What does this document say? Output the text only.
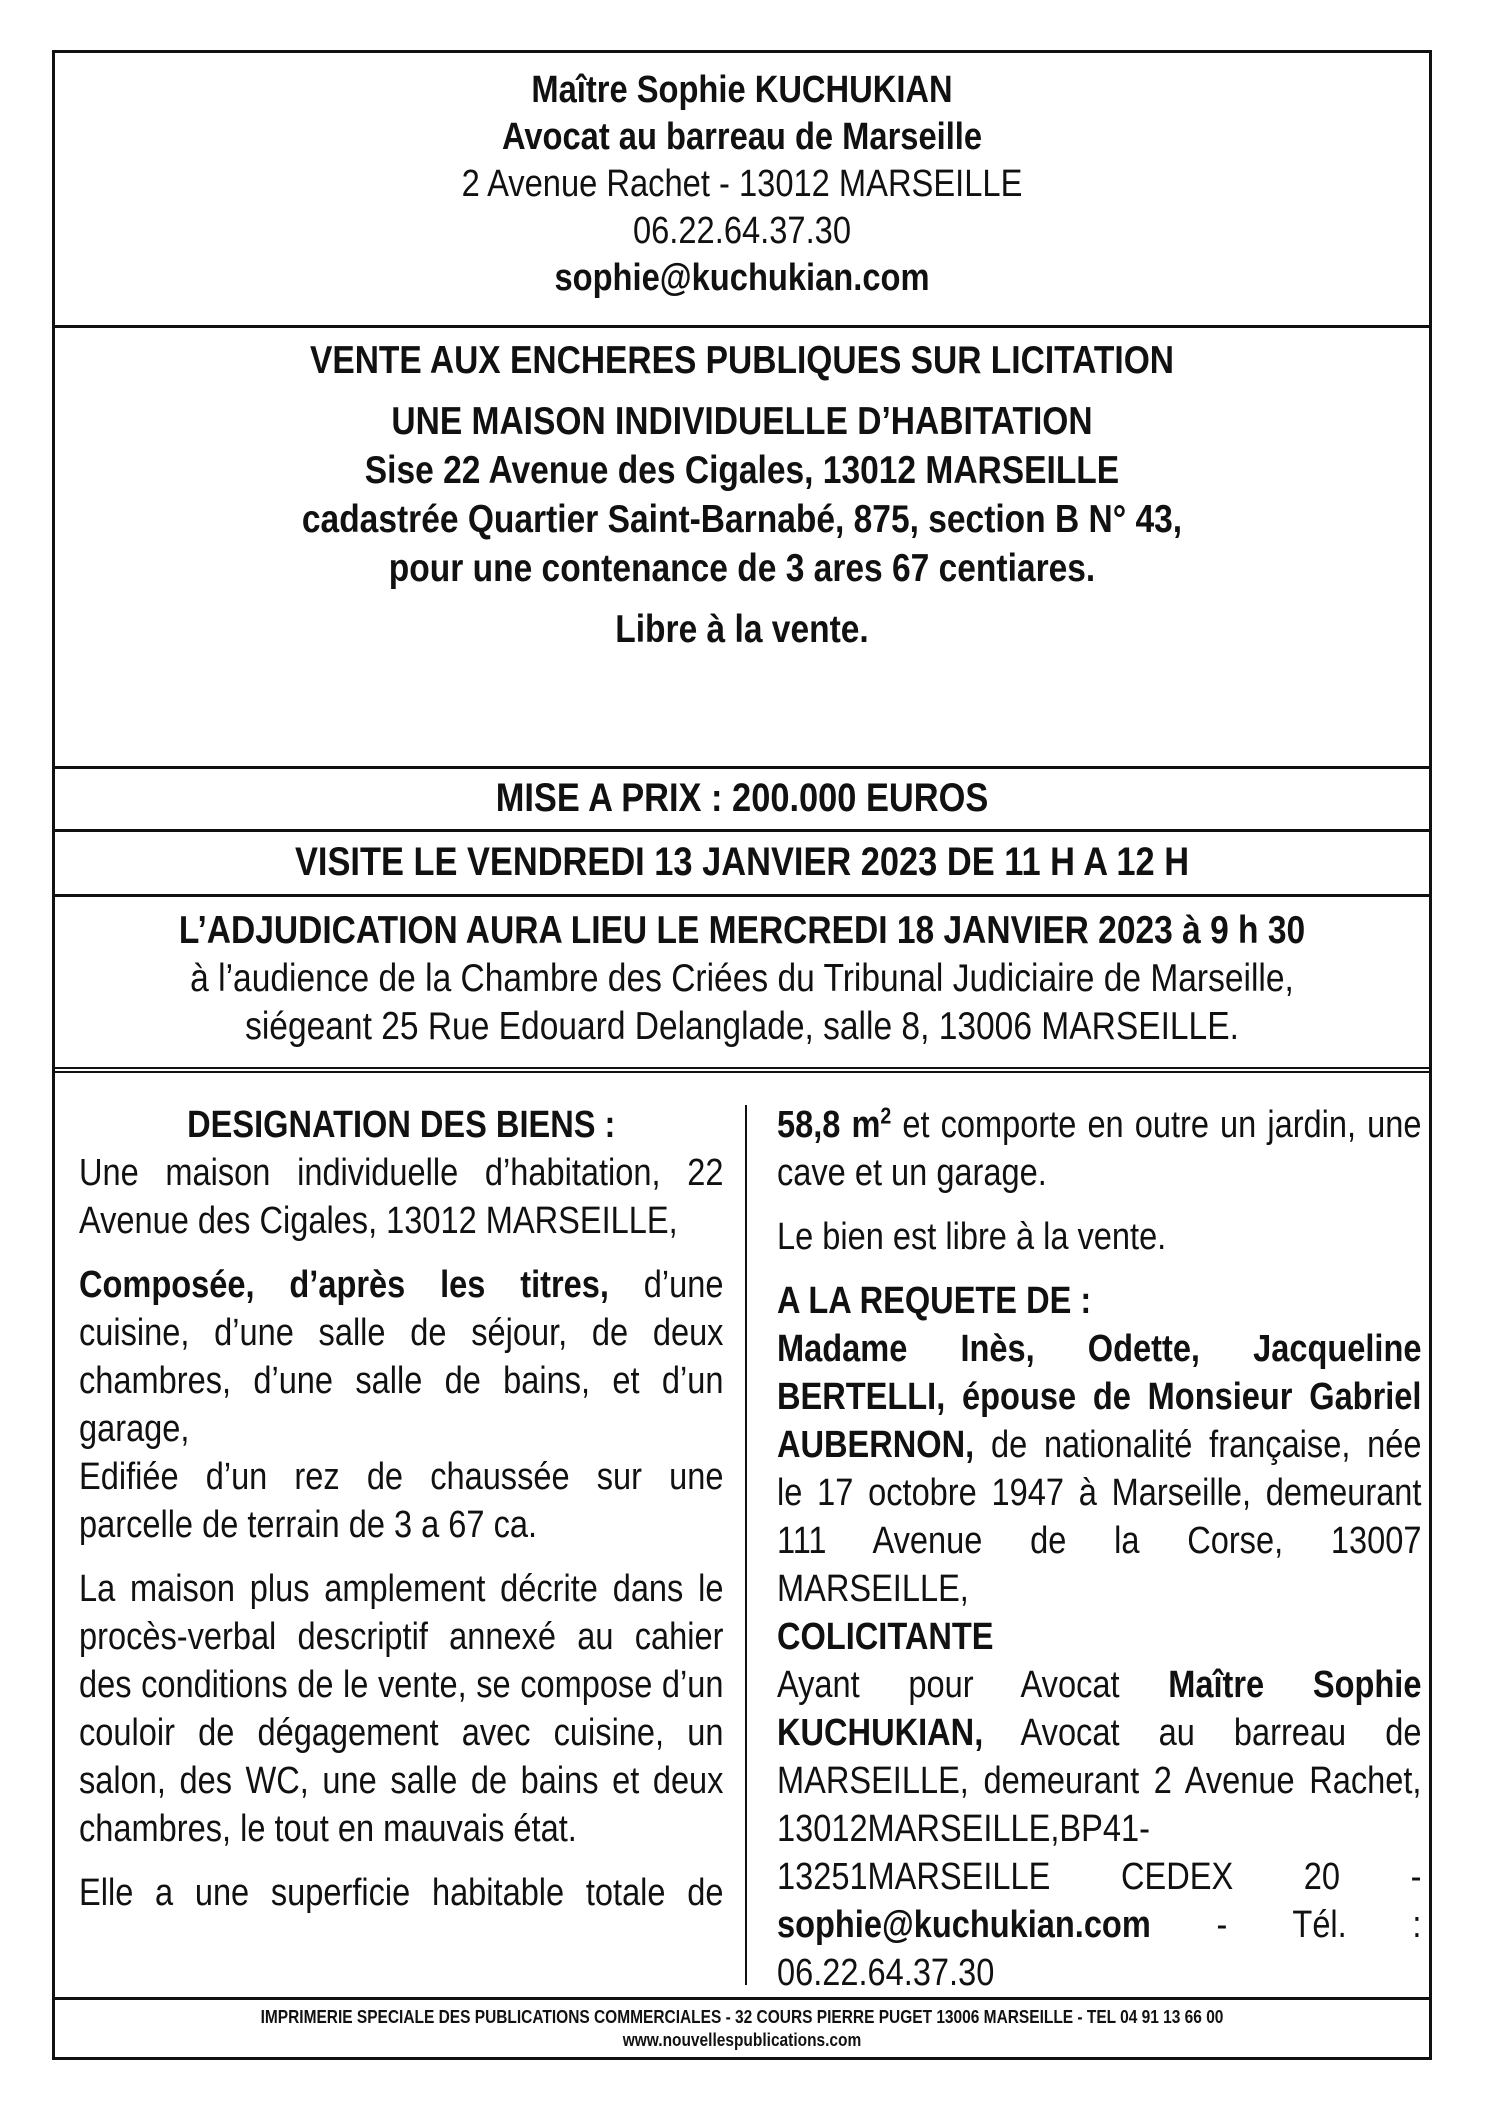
Maître Sophie KUCHUKIAN
Avocat au barreau de Marseille
2 Avenue Rachet - 13012 MARSEILLE
06.22.64.37.30
sophie@kuchukian.com
VENTE AUX ENCHERES PUBLIQUES SUR LICITATION
UNE MAISON INDIVIDUELLE D’HABITATION
Sise 22 Avenue des Cigales, 13012 MARSEILLE
cadastrée Quartier Saint-Barnabé, 875, section B N° 43,
pour une contenance de 3 ares 67 centiares.
Libre à la vente.
MISE A PRIX : 200.000 EUROS
VISITE LE VENDREDI 13 JANVIER 2023 DE 11 H A 12 H
L’ADJUDICATION AURA LIEU LE MERCREDI 18 JANVIER 2023 à 9 h 30
à l’audience de la Chambre des Criées du Tribunal Judiciaire de Marseille,
siégeant 25 Rue Edouard Delanglade, salle 8, 13006 MARSEILLE.
DESIGNATION DES BIENS :

Une maison individuelle d’habitation, 22 Avenue des Cigales, 13012 MARSEILLE,

Composée, d’après les titres, d’une cuisine, d’une salle de séjour, de deux chambres, d’une salle de bains, et d’un garage,

Edifiée d’un rez de chaussée sur une parcelle de terrain de 3 a 67 ca.

La maison plus amplement décrite dans le procès-verbal descriptif annexé au cahier des conditions de le vente, se compose d’un couloir de dégagement avec cuisine, un salon, des WC, une salle de bains et deux chambres, le tout en mauvais état.

Elle a une superficie habitable totale de

58,8 $m^2$ et comporte en outre un jardin, une cave et un garage.

Le bien est libre à la vente.

A LA REQUETE DE :

Madame Inès, Odette, Jacqueline BERTELLI, épouse de Monsieur Gabriel AUBERNON, de nationalité française, née le 17 octobre 1947 à Marseille, demeurant 111 Avenue de la Corse, 13007 MARSEILLE,

COLICITANTE

Ayant pour Avocat Maître Sophie KUCHUKIAN, Avocat au barreau de MARSEILLE, demeurant 2 Avenue Rachet, 13012MARSEILLE,BP41-13251MARSEILLE CEDEX 20 - sophie@kuchukian.com - Tél. : 06.22.64.37.30

IMPRIMERIE SPECIALE DES PUBLICATIONS COMMERCIALES - 32 COURS PIERRE PUGET 13006 MARSEILLE - TEL 04 91 13 66 00
www.nouvellespublications.com
